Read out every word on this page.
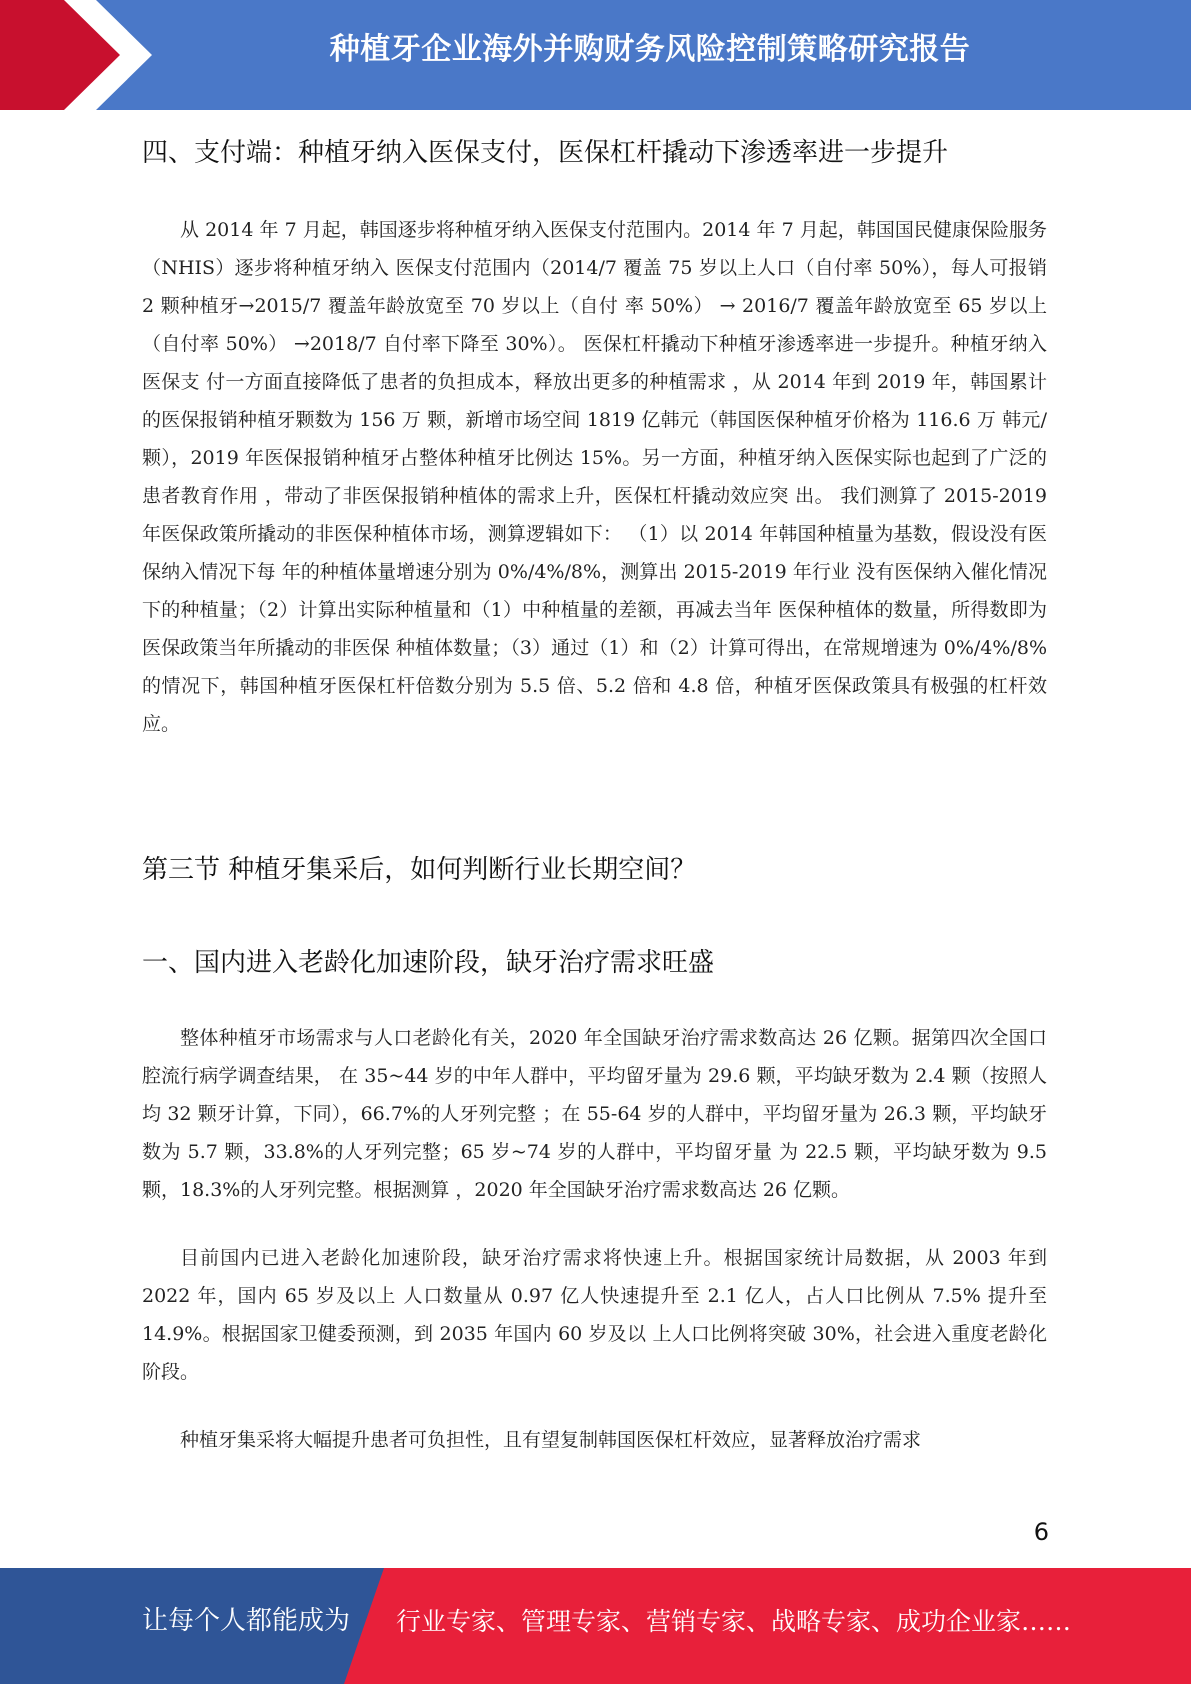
种植牙企业海外并购财务风险控制策略研究报告
四、支付端：种植牙纳入医保支付，医保杠杆撬动下渗透率进一步提升

从 2014 年 7 月起，韩国逐步将种植牙纳入医保支付范围内。2014 年 7 月起，韩国国民健康保险服务（NHIS）逐步将种植牙纳入 医保支付范围内（2014/7 覆盖 75 岁以上人口（自付率 50%），每人可报销 2 颗种植牙→2015/7 覆盖年龄放宽至 70 岁以上（自付 率 50%） → 2016/7 覆盖年龄放宽至 65 岁以上（自付率 50%） →2018/7 自付率下降至 30%）。 医保杠杆撬动下种植牙渗透率进一步提升。种植牙纳入医保支 付一方面直接降低了患者的负担成本，释放出更多的种植需求 ，从 2014 年到 2019 年，韩国累计的医保报销种植牙颗数为 156 万 颗，新增市场空间 1819 亿韩元（韩国医保种植牙价格为 116.6 万 韩元/颗），2019 年医保报销种植牙占整体种植牙比例达 15%。另一方面，种植牙纳入医保实际也起到了广泛的患者教育作用 ，带动了非医保报销种植体的需求上升，医保杠杆撬动效应突 出。 我们测算了 2015-2019 年医保政策所撬动的非医保种植体市场，测算逻辑如下： （1）以 2014 年韩国种植量为基数，假设没有医保纳入情况下每 年的种植体量增速分别为 0%/4%/8%，测算出 2015-2019 年行业 没有医保纳入催化情况下的种植量；（2）计算出实际种植量和（1）中种植量的差额，再减去当年 医保种植体的数量，所得数即为医保政策当年所撬动的非医保 种植体数量；（3）通过（1）和（2）计算可得出，在常规增速为 0%/4%/8% 的情况下，韩国种植牙医保杠杆倍数分别为 5.5 倍、5.2 倍和 4.8 倍，种植牙医保政策具有极强的杠杆效应。

第三节 种植牙集采后，如何判断行业长期空间？
一、国内进入老龄化加速阶段，缺牙治疗需求旺盛

整体种植牙市场需求与人口老龄化有关，2020 年全国缺牙治疗需求数高达 26 亿颗。据第四次全国口腔流行病学调查结果， 在 35~44 岁的中年人群中，平均留牙量为 29.6 颗，平均缺牙数为 2.4 颗（按照人均 32 颗牙计算，下同），66.7%的人牙列完整 ；在 55-64 岁的人群中，平均留牙量为 26.3 颗，平均缺牙数为 5.7 颗，33.8%的人牙列完整；65 岁~74 岁的人群中，平均留牙量 为 22.5 颗，平均缺牙数为 9.5 颗，18.3%的人牙列完整。根据测算 ，2020 年全国缺牙治疗需求数高达 26 亿颗。

目前国内已进入老龄化加速阶段，缺牙治疗需求将快速上升。根据国家统计局数据，从 2003 年到 2022 年，国内 65 岁及以上 人口数量从 0.97 亿人快速提升至 2.1 亿人，占人口比例从 7.5% 提升至 14.9%。根据国家卫健委预测，到 2035 年国内 60 岁及以 上人口比例将突破 30%，社会进入重度老龄化阶段。

种植牙集采将大幅提升患者可负担性，且有望复制韩国医保杠杆效应，显著释放治疗需求

6
让每个人都能成为 行业专家、管理专家、营销专家、战略专家、成功企业家……
